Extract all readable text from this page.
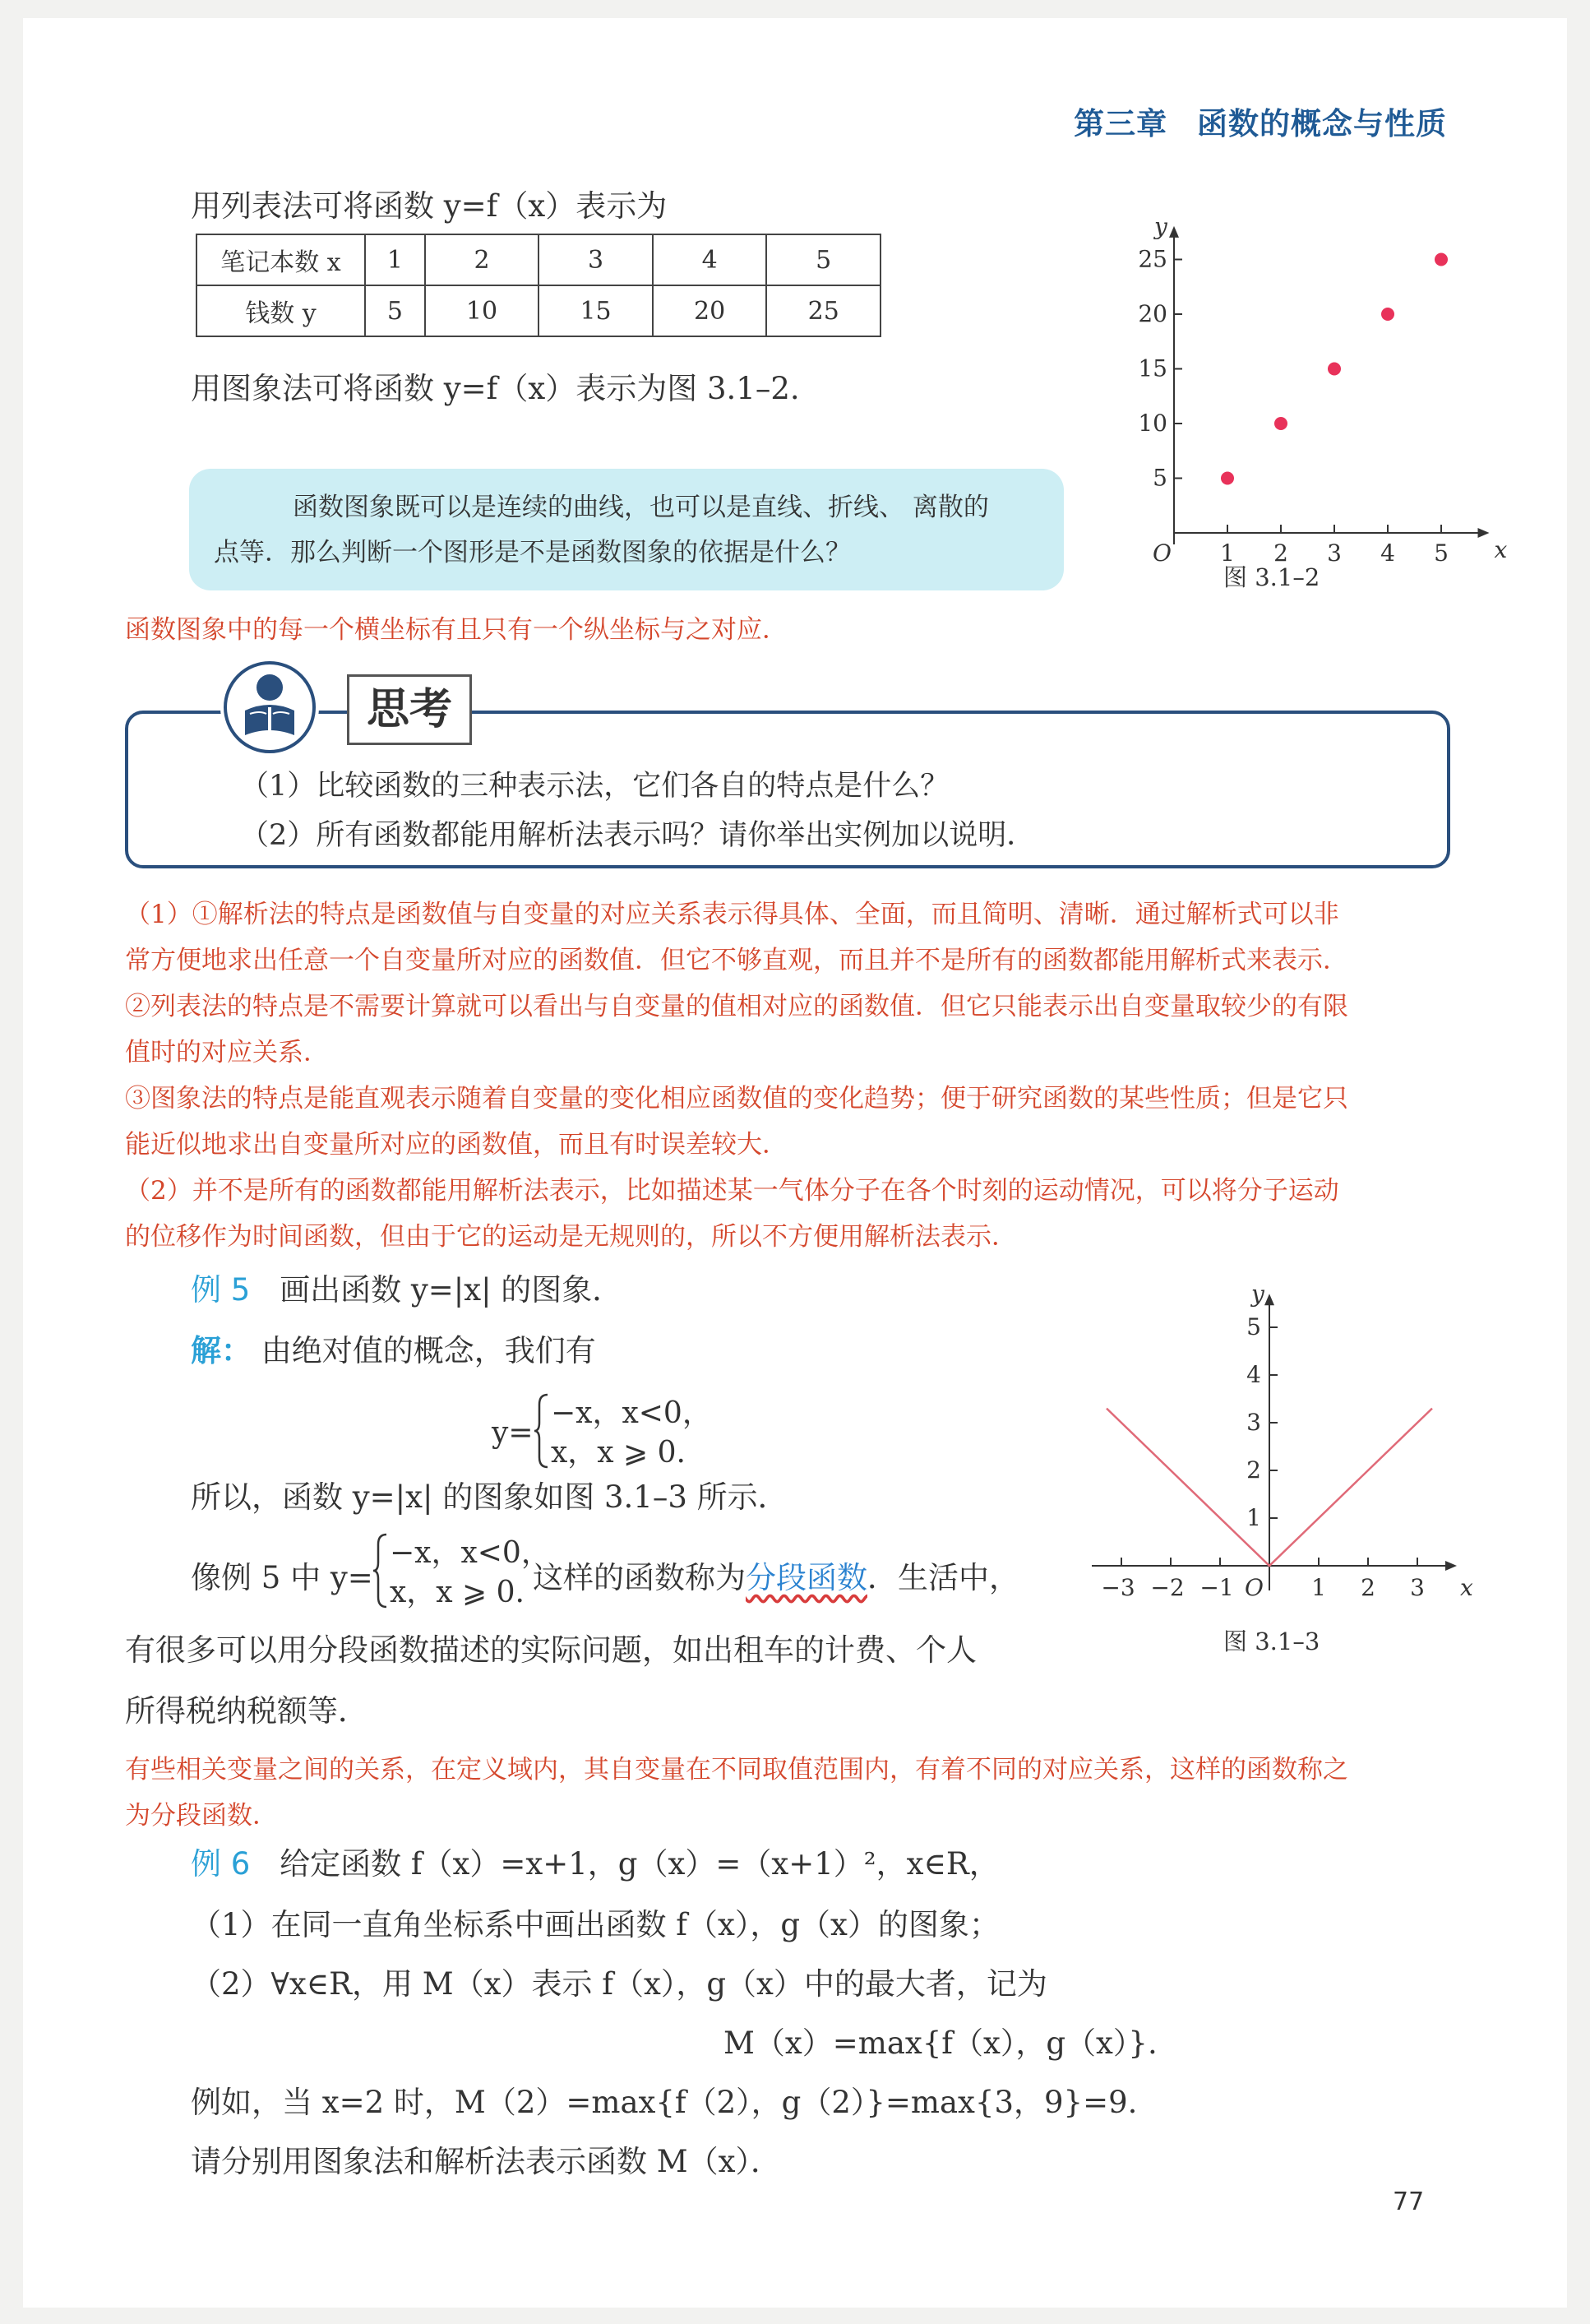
第三章 函数的概念与性质
用列表法可将函数 y=f（x）表示为
笔记本数 x	1	2	3	4	5
钱数 y	5	10	15	20	25
用图象法可将函数 y=f（x）表示为图 3.1–2.
函数图象既可以是连续的曲线，也可以是直线、折线、 离散的
点等．那么判断一个图形是不是函数图象的依据是什么？
函数图象中的每一个横坐标有且只有一个纵坐标与之对应．
1 2 3 4 5
5
10
15
20
25
O	x
y
图 3.1–2
（1）比较函数的三种表示法，它们各自的特点是什么？
（2）所有函数都能用解析法表示吗？请你举出实例加以说明．
思考
（1）①解析法的特点是函数值与自变量的对应关系表示得具体、全面，而且简明、清晰．通过解析式可以非
常方便地求出任意一个自变量所对应的函数值．但它不够直观，而且并不是所有的函数都能用解析式来表示．
②列表法的特点是不需要计算就可以看出与自变量的值相对应的函数值．但它只能表示出自变量取较少的有限
值时的对应关系．
③图象法的特点是能直观表示随着自变量的变化相应函数值的变化趋势；便于研究函数的某些性质；但是它只
能近似地求出自变量所对应的函数值，而且有时误差较大．
（2）并不是所有的函数都能用解析法表示，比如描述某一气体分子在各个时刻的运动情况，可以将分子运动
的位移作为时间函数，但由于它的运动是无规则的，所以不方便用解析法表示．
例 5 画出函数 y=|x| 的图象．
解： 由绝对值的概念，我们有
y=
−x，x<0，
x，x ⩾ 0.
所以，函数 y=|x| 的图象如图 3.1–3 所示．
像例 5 中 y=
−x，x<0，
x，x ⩾ 0. 这样的函数称为分段函数．生活中，
有很多可以用分段函数描述的实际问题，如出租车的计费、个人
所得税纳税额等．
−3 −2 −1	1 2 3
1
2
3
4
5
O	x
y
图 3.1–3
有些相关变量之间的关系，在定义域内，其自变量在不同取值范围内，有着不同的对应关系，这样的函数称之
为分段函数．
例 6 给定函数 f（x）=x+1，g（x）=（x+1）²，x∈R，
（1）在同一直角坐标系中画出函数 f（x），g（x）的图象；
（2）∀x∈R，用 M（x）表示 f（x），g（x）中的最大者，记为
M（x）=max{f（x），g（x）}.
例如，当 x=2 时，M（2）=max{f（2），g（2）}=max{3，9}=9.
请分别用图象法和解析法表示函数 M（x）．
77
